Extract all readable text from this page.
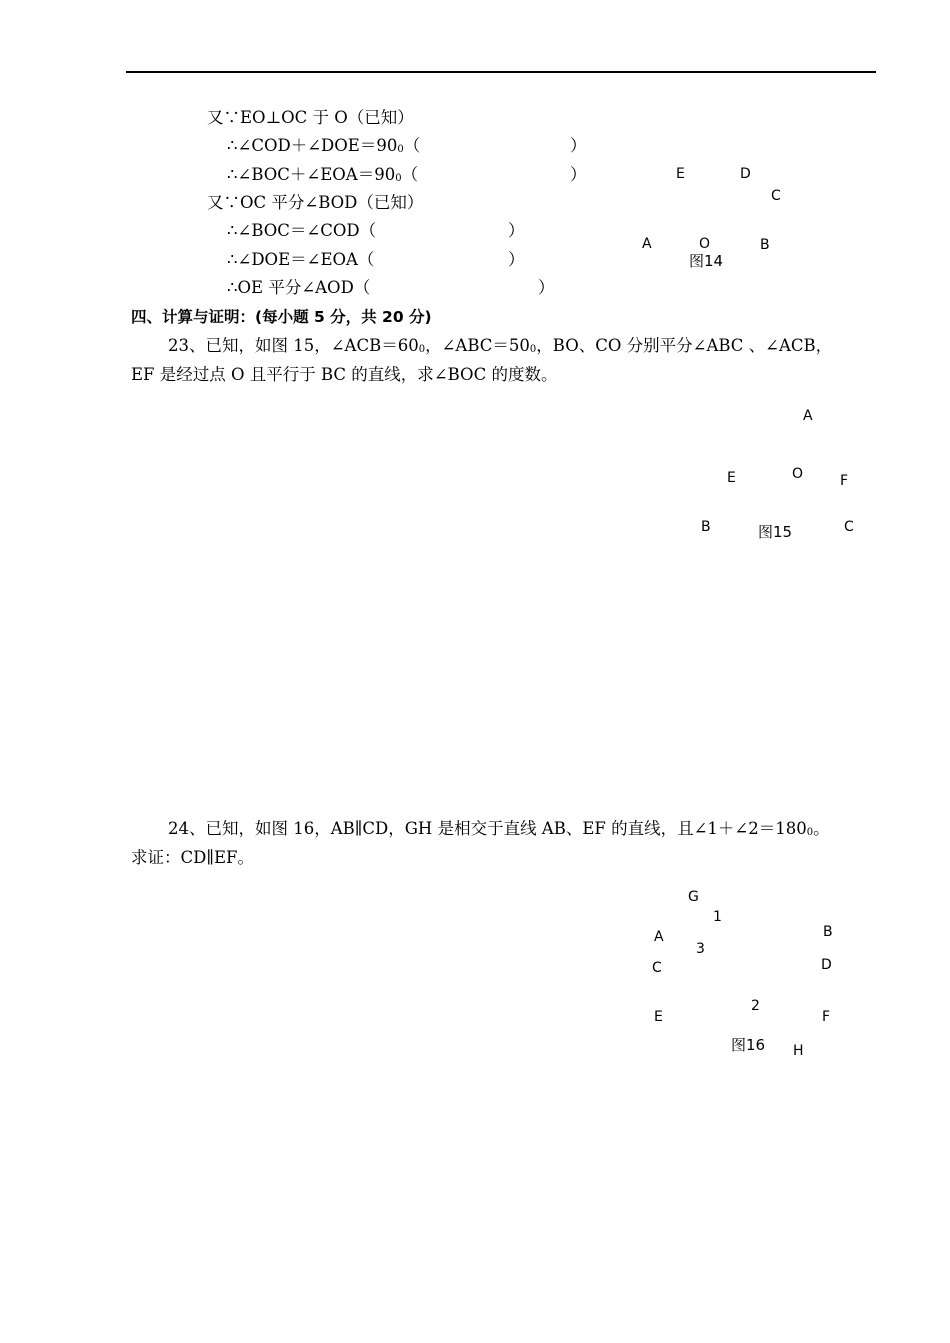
又∵EO⊥OC 于 O（已知）
∴∠COD＋∠DOE＝900（	）
∴∠BOC＋∠EOA＝900（	）
又∵OC 平分∠BOD（已知）
∴∠BOC＝∠COD（	）
∴∠DOE＝∠EOA（	）
∴OE 平分∠AOD（	）
E	D
C
A	O	B
图14
四、计算与证明：(每小题 5 分，共 20 分)
23、已知，如图 15，∠ACB＝600，∠ABC＝500，BO、CO 分别平分∠ABC 、∠ACB，
EF 是经过点 O 且平行于 BC 的直线，求∠BOC 的度数。
A
E	O	F
B	图15	C
24、已知，如图 16，AB∥CD，GH 是相交于直线 AB、EF 的直线，且∠1＋∠2＝1800。
求证：CD∥EF。
G
1
A	B
3
C	D
2
E	F
图16 H
